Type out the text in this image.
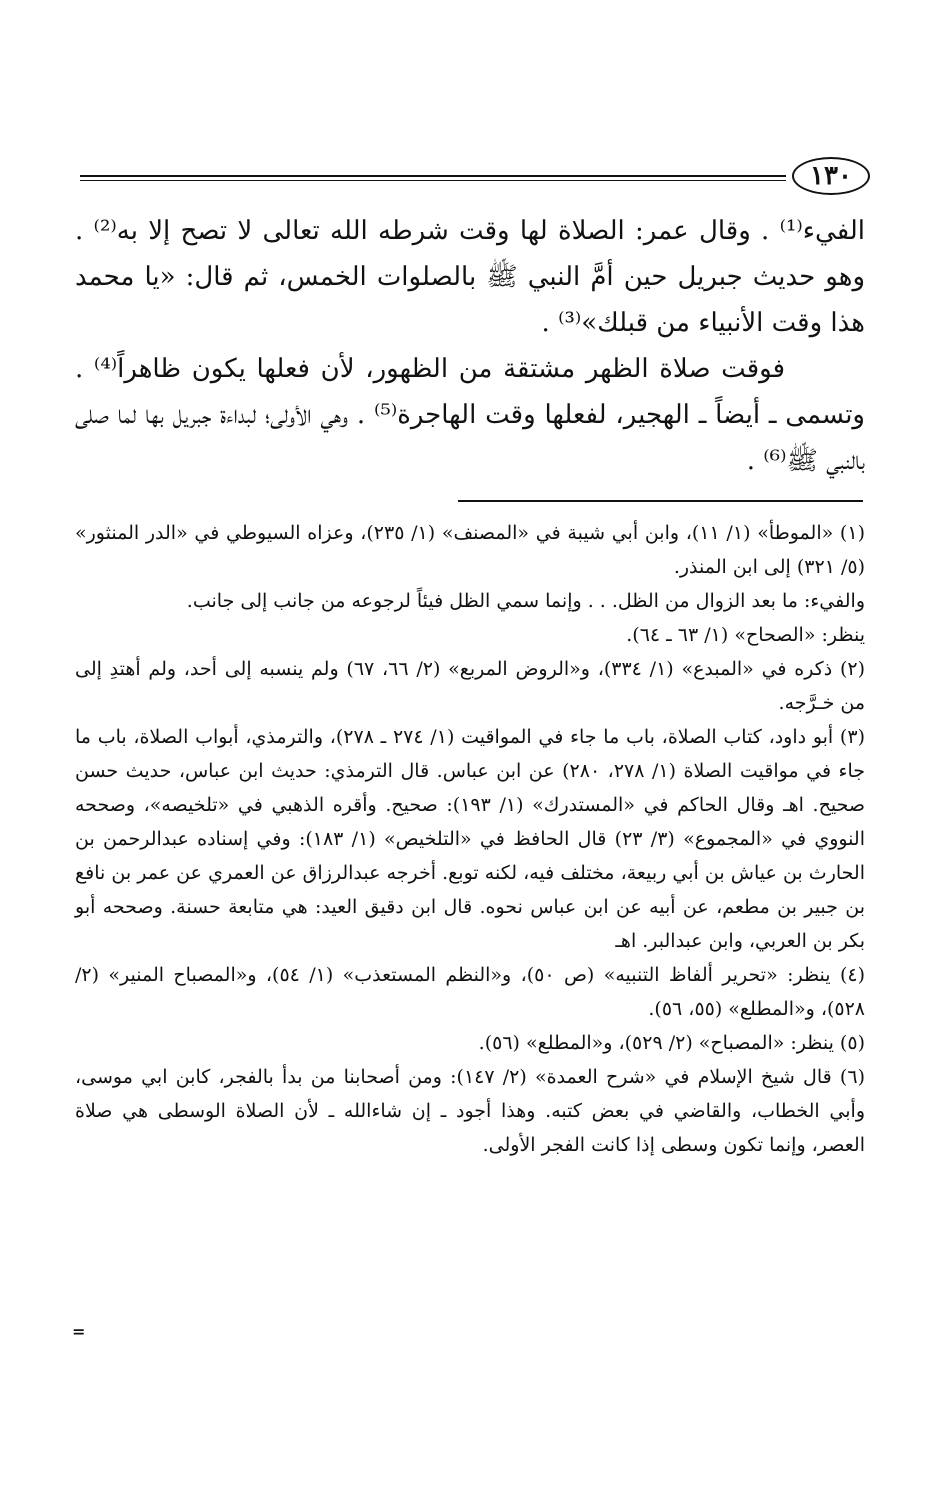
١٣٠

الفيء⁽¹⁾ . وقال عمر: الصلاة لها وقت شرطه الله تعالى لا تصح إلا به⁽²⁾ . وهو حديث جبريل حين أمَّ النبي ﷺ بالصلوات الخمس، ثم قال: «يا محمد هذا وقت الأنبياء من قبلك»⁽³⁾ .

فوقت صلاة الظهر مشتقة من الظهور، لأن فعلها يكون ظاهراً⁽⁴⁾ . وتسمى ـ أيضاً ـ الهجير، لفعلها وقت الهاجرة⁽⁵⁾ . وهي الأولى؛ لبداءة جبريل بها لما صلى بالنبي ﷺ⁽⁶⁾ .

(١) «الموطأ» (١/ ١١)، وابن أبي شيبة في «المصنف» (١/ ٢٣٥)، وعزاه السيوطي في «الدر المنثور» (٥/ ٣٢١) إلى ابن المنذر.

والفيء: ما بعد الزوال من الظل. . . وإنما سمي الظل فيئاً لرجوعه من جانب إلى جانب.

ينظر: «الصحاح» (١/ ٦٣ ـ ٦٤).

(٢) ذكره في «المبدع» (١/ ٣٣٤)، و«الروض المربع» (٢/ ٦٦، ٦٧) ولم ينسبه إلى أحد، ولم أهتدِ إلى من خـرَّجه.

(٣) أبو داود، كتاب الصلاة، باب ما جاء في المواقيت (١/ ٢٧٤ ـ ٢٧٨)، والترمذي، أبواب الصلاة، باب ما جاء في مواقيت الصلاة (١/ ٢٧٨، ٢٨٠) عن ابن عباس. قال الترمذي: حديث ابن عباس، حديث حسن صحيح. اهـ وقال الحاكم في «المستدرك» (١/ ١٩٣): صحيح. وأقره الذهبي في «تلخيصه»، وصححه النووي في «المجموع» (٣/ ٢٣) قال الحافظ في «التلخيص» (١/ ١٨٣): وفي إسناده عبدالرحمن بن الحارث بن عياش بن أبي ربيعة، مختلف فيه، لكنه توبع. أخرجه عبدالرزاق عن العمري عن عمر بن نافع بن جبير بن مطعم، عن أبيه عن ابن عباس نحوه. قال ابن دقيق العيد: هي متابعة حسنة. وصححه أبو بكر بن العربي، وابن عبدالبر. اهـ

(٤) ينظر: «تحرير ألفاظ التنبيه» (ص ٥٠)، و«النظم المستعذب» (١/ ٥٤)، و«المصباح المنير» (٢/ ٥٢٨)، و«المطلع» (٥٥، ٥٦).

(٥) ينظر: «المصباح» (٢/ ٥٢٩)، و«المطلع» (٥٦).

(٦) قال شيخ الإسلام في «شرح العمدة» (٢/ ١٤٧): ومن أصحابنا من بدأ بالفجر، كابن ابي موسى، وأبي الخطاب، والقاضي في بعض كتبه. وهذا أجود ـ إن شاءالله ـ لأن الصلاة الوسطى هي صلاة العصر، وإنما تكون وسطى إذا كانت الفجر الأولى.

=
